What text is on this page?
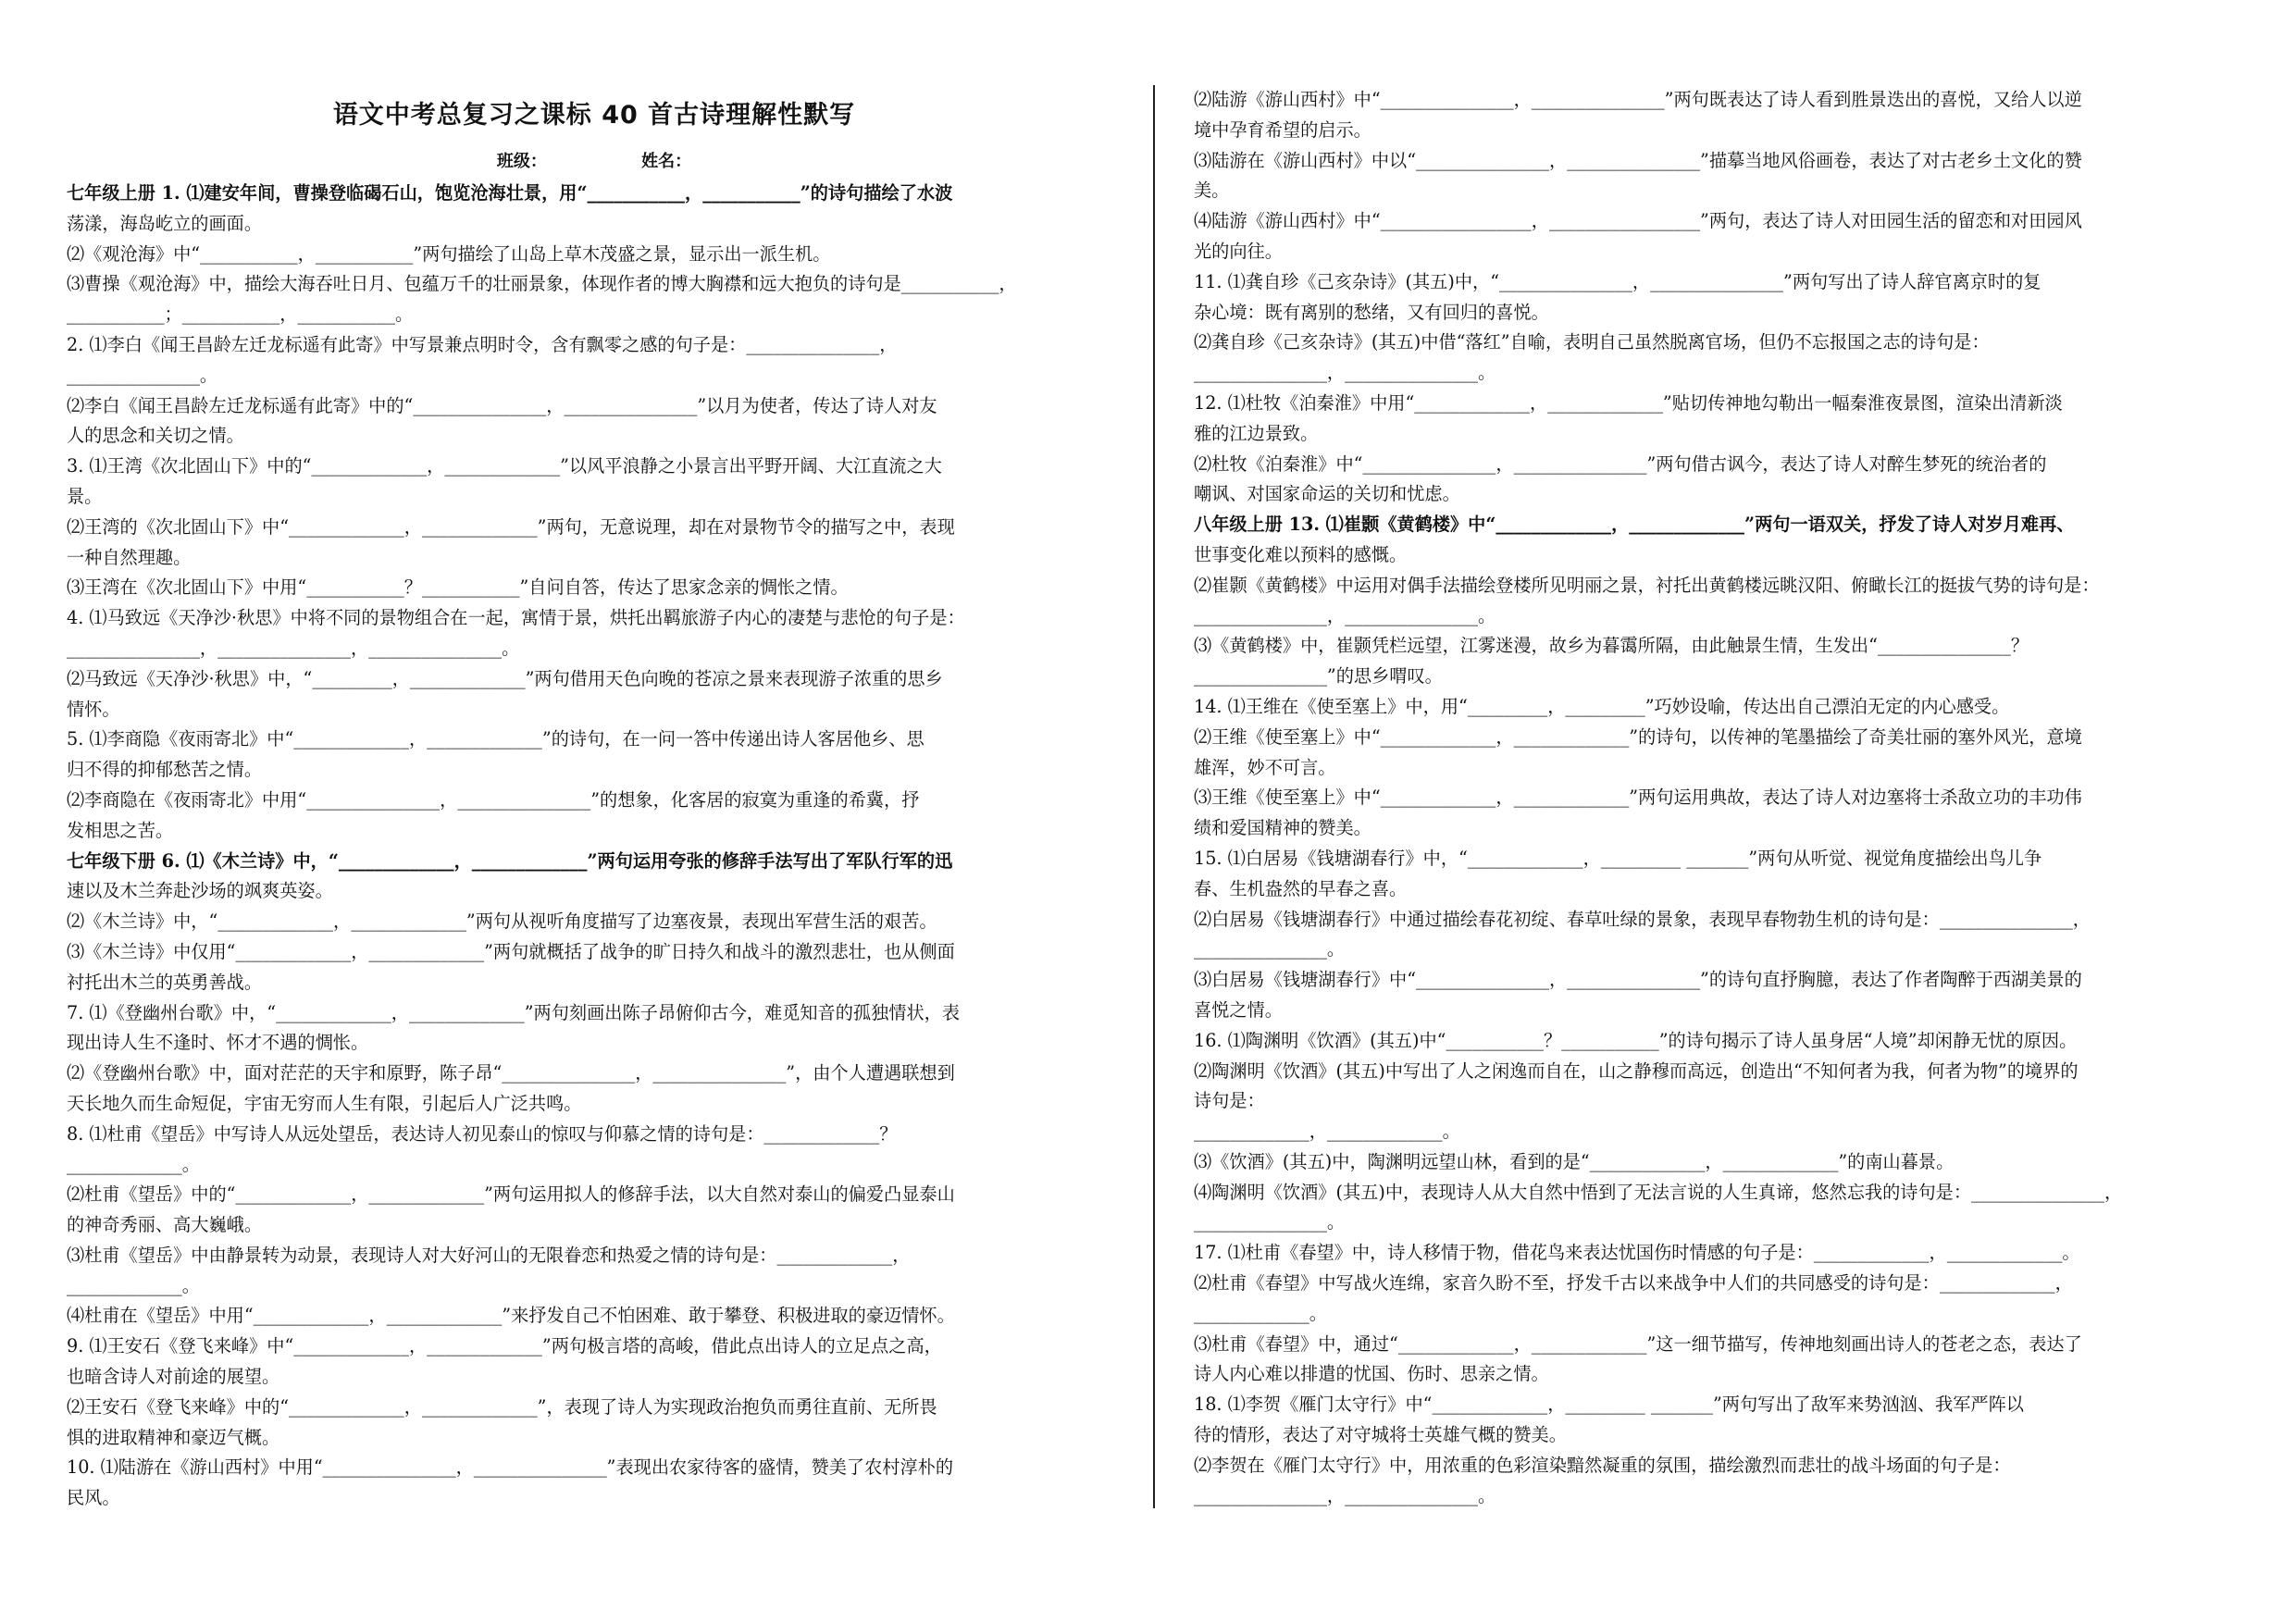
语文中考总复习之课标 40 首古诗理解性默写
班级：	姓名：
七年级上册 1. ⑴建安年间，曹操登临碣石山，饱览沧海壮景，用“___________，___________”的诗句描绘了水波
荡漾，海岛屹立的画面。
⑵《观沧海》中“___________，___________”两句描绘了山岛上草木茂盛之景，显示出一派生机。
⑶曹操《观沧海》中，描绘大海吞吐日月、包蕴万千的壮丽景象，体现作者的博大胸襟和远大抱负的诗句是___________，
___________；___________，___________。
2. ⑴李白《闻王昌龄左迁龙标遥有此寄》中写景兼点明时令，含有飘零之感的句子是：_______________，
_______________。
⑵李白《闻王昌龄左迁龙标遥有此寄》中的“_______________，_______________”以月为使者，传达了诗人对友
人的思念和关切之情。
3. ⑴王湾《次北固山下》中的“_____________，_____________”以风平浪静之小景言出平野开阔、大江直流之大
景。
⑵王湾的《次北固山下》中“_____________，_____________”两句，无意说理，却在对景物节令的描写之中，表现
一种自然理趣。
⑶王湾在《次北固山下》中用“___________？___________”自问自答，传达了思家念亲的惆怅之情。
4. ⑴马致远《天净沙·秋思》中将不同的景物组合在一起，寓情于景，烘托出羁旅游子内心的凄楚与悲怆的句子是：
_______________，_______________，_______________。
⑵马致远《天净沙·秋思》中，“_________，_____________”两句借用天色向晚的苍凉之景来表现游子浓重的思乡
情怀。
5. ⑴李商隐《夜雨寄北》中“_____________，_____________”的诗句，在一问一答中传递出诗人客居他乡、思
归不得的抑郁愁苦之情。
⑵李商隐在《夜雨寄北》中用“_______________，_______________”的想象，化客居的寂寞为重逢的希冀，抒
发相思之苦。
七年级下册 6. ⑴《木兰诗》中，“_____________，_____________”两句运用夸张的修辞手法写出了军队行军的迅
速以及木兰奔赴沙场的飒爽英姿。
⑵《木兰诗》中，“_____________，_____________”两句从视听角度描写了边塞夜景，表现出军营生活的艰苦。
⑶《木兰诗》中仅用“_____________，_____________”两句就概括了战争的旷日持久和战斗的激烈悲壮，也从侧面
衬托出木兰的英勇善战。
7. ⑴《登幽州台歌》中，“_____________，_____________”两句刻画出陈子昂俯仰古今，难觅知音的孤独情状，表
现出诗人生不逢时、怀才不遇的惆怅。
⑵《登幽州台歌》中，面对茫茫的天宇和原野，陈子昂“_______________，_______________”，由个人遭遇联想到
天长地久而生命短促，宇宙无穷而人生有限，引起后人广泛共鸣。
8. ⑴杜甫《望岳》中写诗人从远处望岳，表达诗人初见泰山的惊叹与仰慕之情的诗句是：_____________？
_____________。
⑵杜甫《望岳》中的“_____________，_____________”两句运用拟人的修辞手法，以大自然对泰山的偏爱凸显泰山
的神奇秀丽、高大巍峨。
⑶杜甫《望岳》中由静景转为动景，表现诗人对大好河山的无限眷恋和热爱之情的诗句是：_____________，
_____________。
⑷杜甫在《望岳》中用“_____________，_____________”来抒发自己不怕困难、敢于攀登、积极进取的豪迈情怀。
9. ⑴王安石《登飞来峰》中“_____________，_____________”两句极言塔的高峻，借此点出诗人的立足点之高，
也暗含诗人对前途的展望。
⑵王安石《登飞来峰》中的“_____________，_____________”，表现了诗人为实现政治抱负而勇往直前、无所畏
惧的进取精神和豪迈气概。
10. ⑴陆游在《游山西村》中用“_______________，_______________”表现出农家待客的盛情，赞美了农村淳朴的
民风。
⑵陆游《游山西村》中“_______________，_______________”两句既表达了诗人看到胜景迭出的喜悦，又给人以逆
境中孕育希望的启示。
⑶陆游在《游山西村》中以“_______________，_______________”描摹当地风俗画卷，表达了对古老乡土文化的赞
美。
⑷陆游《游山西村》中“_________________，_________________”两句，表达了诗人对田园生活的留恋和对田园风
光的向往。
11. ⑴龚自珍《己亥杂诗》(其五)中，“_______________，_______________”两句写出了诗人辞官离京时的复
杂心境：既有离别的愁绪，又有回归的喜悦。
⑵龚自珍《己亥杂诗》(其五)中借“落红”自喻，表明自己虽然脱离官场，但仍不忘报国之志的诗句是：
_______________，_______________。
12. ⑴杜牧《泊秦淮》中用“_____________，_____________”贴切传神地勾勒出一幅秦淮夜景图，渲染出清新淡
雅的江边景致。
⑵杜牧《泊秦淮》中“_______________，_______________”两句借古讽今，表达了诗人对醉生梦死的统治者的
嘲讽、对国家命运的关切和忧虑。
八年级上册 13. ⑴崔颢《黄鹤楼》中“_____________，_____________”两句一语双关，抒发了诗人对岁月难再、
世事变化难以预料的感慨。
⑵崔颢《黄鹤楼》中运用对偶手法描绘登楼所见明丽之景，衬托出黄鹤楼远眺汉阳、俯瞰长江的挺拔气势的诗句是：
_______________，_______________。
⑶《黄鹤楼》中，崔颢凭栏远望，江雾迷漫，故乡为暮霭所隔，由此触景生情，生发出“_______________？
_______________”的思乡喟叹。
14. ⑴王维在《使至塞上》中，用“_________，_________”巧妙设喻，传达出自己漂泊无定的内心感受。
⑵王维《使至塞上》中“_____________，_____________”的诗句，以传神的笔墨描绘了奇美壮丽的塞外风光，意境
雄浑，妙不可言。
⑶王维《使至塞上》中“_____________，_____________”两句运用典故，表达了诗人对边塞将士杀敌立功的丰功伟
绩和爱国精神的赞美。
15. ⑴白居易《钱塘湖春行》中，“_____________，_________ _______”两句从听觉、视觉角度描绘出鸟儿争
春、生机盎然的早春之喜。
⑵白居易《钱塘湖春行》中通过描绘春花初绽、春草吐绿的景象，表现早春物勃生机的诗句是：_______________，
_______________。
⑶白居易《钱塘湖春行》中“_______________，_______________”的诗句直抒胸臆，表达了作者陶醉于西湖美景的
喜悦之情。
16. ⑴陶渊明《饮酒》(其五)中“___________？___________”的诗句揭示了诗人虽身居“人境”却闲静无忧的原因。
⑵陶渊明《饮酒》(其五)中写出了人之闲逸而自在，山之静穆而高远，创造出“不知何者为我，何者为物”的境界的
诗句是：
_____________，_____________。
⑶《饮酒》(其五)中，陶渊明远望山林，看到的是“_____________，_____________”的南山暮景。
⑷陶渊明《饮酒》(其五)中，表现诗人从大自然中悟到了无法言说的人生真谛，悠然忘我的诗句是：_______________，
_______________。
17. ⑴杜甫《春望》中，诗人移情于物，借花鸟来表达忧国伤时情感的句子是：_____________，_____________。
⑵杜甫《春望》中写战火连绵，家音久盼不至，抒发千古以来战争中人们的共同感受的诗句是：_____________，
_____________。
⑶杜甫《春望》中，通过“_____________，_____________”这一细节描写，传神地刻画出诗人的苍老之态，表达了
诗人内心难以排遣的忧国、伤时、思亲之情。
18. ⑴李贺《雁门太守行》中“_____________，_________ _______”两句写出了敌军来势汹汹、我军严阵以
待的情形，表达了对守城将士英雄气概的赞美。
⑵李贺在《雁门太守行》中，用浓重的色彩渲染黯然凝重的氛围，描绘激烈而悲壮的战斗场面的句子是：
_______________，_______________。
